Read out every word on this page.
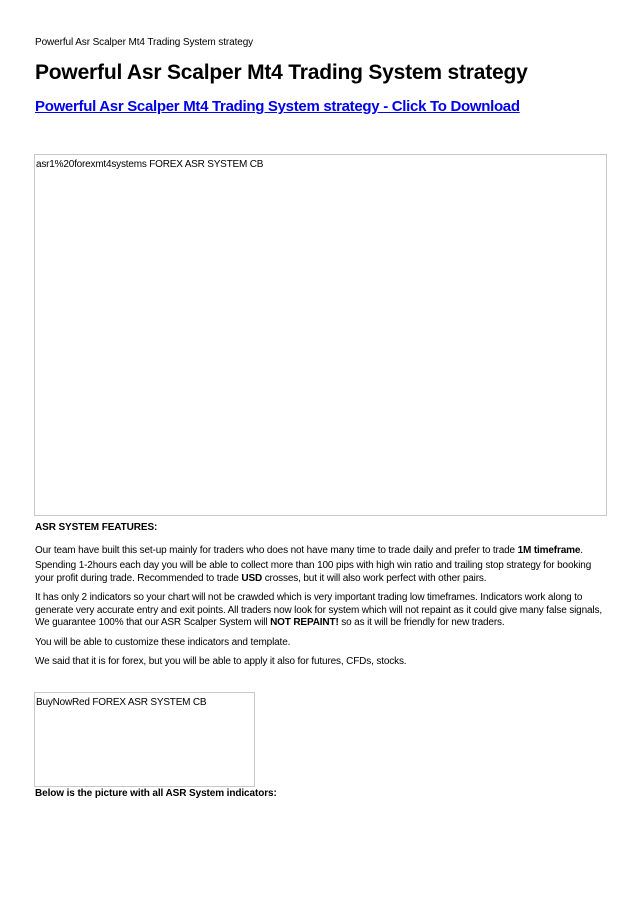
Powerful Asr Scalper Mt4 Trading System strategy
Powerful Asr Scalper Mt4 Trading System strategy
Powerful Asr Scalper Mt4 Trading System strategy - Click To Download
asr1%20forexmt4systems FOREX ASR SYSTEM CB
ASR SYSTEM FEATURES:
Our team have built this set-up mainly for traders who does not have many time to trade daily and prefer to trade 1M timeframe.
Spending 1-2hours each day you will be able to collect more than 100 pips with high win ratio and trailing stop strategy for booking your profit during trade. Recommended to trade USD crosses, but it will also work perfect with other pairs.
It has only 2 indicators so your chart will not be crawded which is very important trading low timeframes. Indicators work along to generate very accurate entry and exit points. All traders now look for system which will not repaint as it could give many false signals, We guarantee 100% that our ASR Scalper System will NOT REPAINT! so as it will be friendly for new traders.
You will be able to customize these indicators and template.
We said that it is for forex, but you will be able to apply it also for futures, CFDs, stocks.
BuyNowRed FOREX ASR SYSTEM CB
Below is the picture with all ASR System indicators:
